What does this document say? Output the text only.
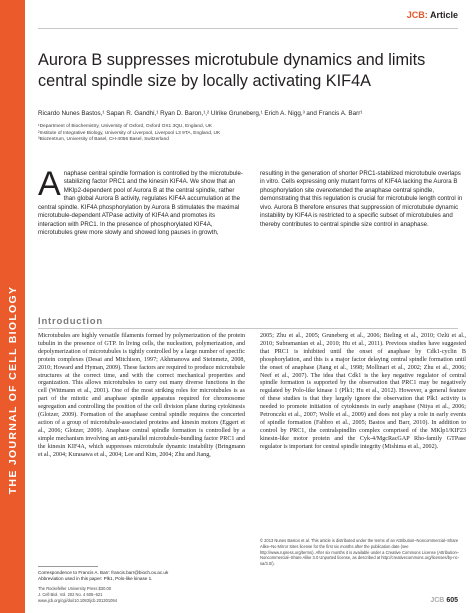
THE JOURNAL OF CELL BIOLOGY
JCB: Article
Aurora B suppresses microtubule dynamics and limits central spindle size by locally activating KIF4A
Ricardo Nunes Bastos,¹ Sapan R. Gandhi,¹ Ryan D. Baron,¹,² Ulrike Gruneberg,¹ Erich A. Nigg,³ and Francis A. Barr¹
¹Department of Biochemistry, University of Oxford, Oxford OX1 3QU, England, UK
²Institute of Integrative Biology, University of Liverpool, Liverpool L3 9TA, England, UK
³Biozentrum, University of Basel, CH-4056 Basel, Switzerland

A naphase central spindle formation is controlled by the microtubule-stabilizing factor PRC1 and the kinesin KIF4A. We show that an MKlp2-dependent pool of Aurora B at the central spindle, rather than global Aurora B activity, regulates KIF4A accumulation at the central spindle. KIF4A phosphorylation by Aurora B stimulates the maximal microtubule-dependent ATPase activity of KIF4A and promotes its interaction with PRC1. In the presence of phosphorylated KIF4A, microtubules grew more slowly and showed long pauses in growth,

resulting in the generation of shorter PRC1-stabilized microtubule overlaps in vitro. Cells expressing only mutant forms of KIF4A lacking the Aurora B phosphorylation site overextended the anaphase central spindle, demonstrating that this regulation is crucial for microtubule length control in vivo. Aurora B therefore ensures that suppression of microtubule dynamic instability by KIF4A is restricted to a specific subset of microtubules and thereby contributes to central spindle size control in anaphase.

Introduction

Microtubules are highly versatile filaments formed by polymerization of the protein tubulin in the presence of GTP. In living cells, the nucleation, polymerization, and depolymerization of microtubules is tightly controlled by a large number of specific protein complexes (Desai and Mitchison, 1997; Akhmanova and Steinmetz, 2008, 2010; Howard and Hyman, 2009). These factors are required to produce microtubule structures at the correct time, and with the correct mechanical properties and organization. This allows microtubules to carry out many diverse functions in the cell (Wittmann et al., 2001). One of the most striking roles for microtubules is as part of the mitotic and anaphase spindle apparatus required for chromosome segregation and controlling the position of the cell division plane during cytokinesis (Glotzer, 2009). Formation of the anaphase central spindle requires the concerted action of a group of microtubule-associated proteins and kinesin motors (Eggert et al., 2006; Glotzer, 2009). Anaphase central spindle formation is controlled by a simple mechanism involving an anti-parallel microtubule-bundling factor PRC1 and the kinesin KIF4A, which suppresses microtubule dynamic instability (Bringmann et al., 2004; Kurasawa et al., 2004; Lee and Kim, 2004; Zhu and Jiang,

2005; Zhu et al., 2005; Gruneberg et al., 2006; Bieling et al., 2010; Ozlü et al., 2010; Subramanian et al., 2010; Hu et al., 2011). Previous studies have suggested that PRC1 is inhibited until the onset of anaphase by Cdk1-cyclin B phosphorylation, and this is a major factor delaying central spindle formation until the onset of anaphase (Jiang et al., 1998; Mollinari et al., 2002; Zhu et al., 2006; Neef et al., 2007). The idea that Cdk1 is the key negative regulator of central spindle formation is supported by the observation that PRC1 may be negatively regulated by Polo-like kinase 1 (Plk1; Hu et al., 2012). However, a general feature of these studies is that they largely ignore the observation that Plk1 activity is needed to promote initiation of cytokinesis in early anaphase (Niiya et al., 2006; Petronczki et al., 2007; Wolfe et al., 2009) and does not play a role in early events of spindle formation (Fabbro et al., 2005; Bastos and Barr, 2010). In addition to control by PRC1, the centralspindlin complex comprised of the MKlp1/KIF23 kinesin-like motor protein and the Cyk-4/MgcRacGAP Rho-family GTPase regulator is important for central spindle integrity (Mishima et al., 2002).

Correspondence to Francis A. Barr: francis.barr@bioch.ox.ac.uk
Abbreviation used in this paper: Plk1, Polo-like kinase 1.
© 2013 Nunes Bastos et al. This article is distributed under the terms of an Attribution–Noncommercial–Share Alike–No Mirror Sites license for the first six months after the publication date (see http://www.rupress.org/terms). After six months it is available under a Creative Commons License (Attribution–Noncommercial–Share Alike 3.0 Unported license, as described at http://creativecommons.org/licenses/by-nc-sa/3.0/).
The Rockefeller University Press $30.00
J. Cell Biol. Vol. 202 No. 4 605–621
www.jcb.org/cgi/doi/10.1083/jcb.201301094	JCB 605
